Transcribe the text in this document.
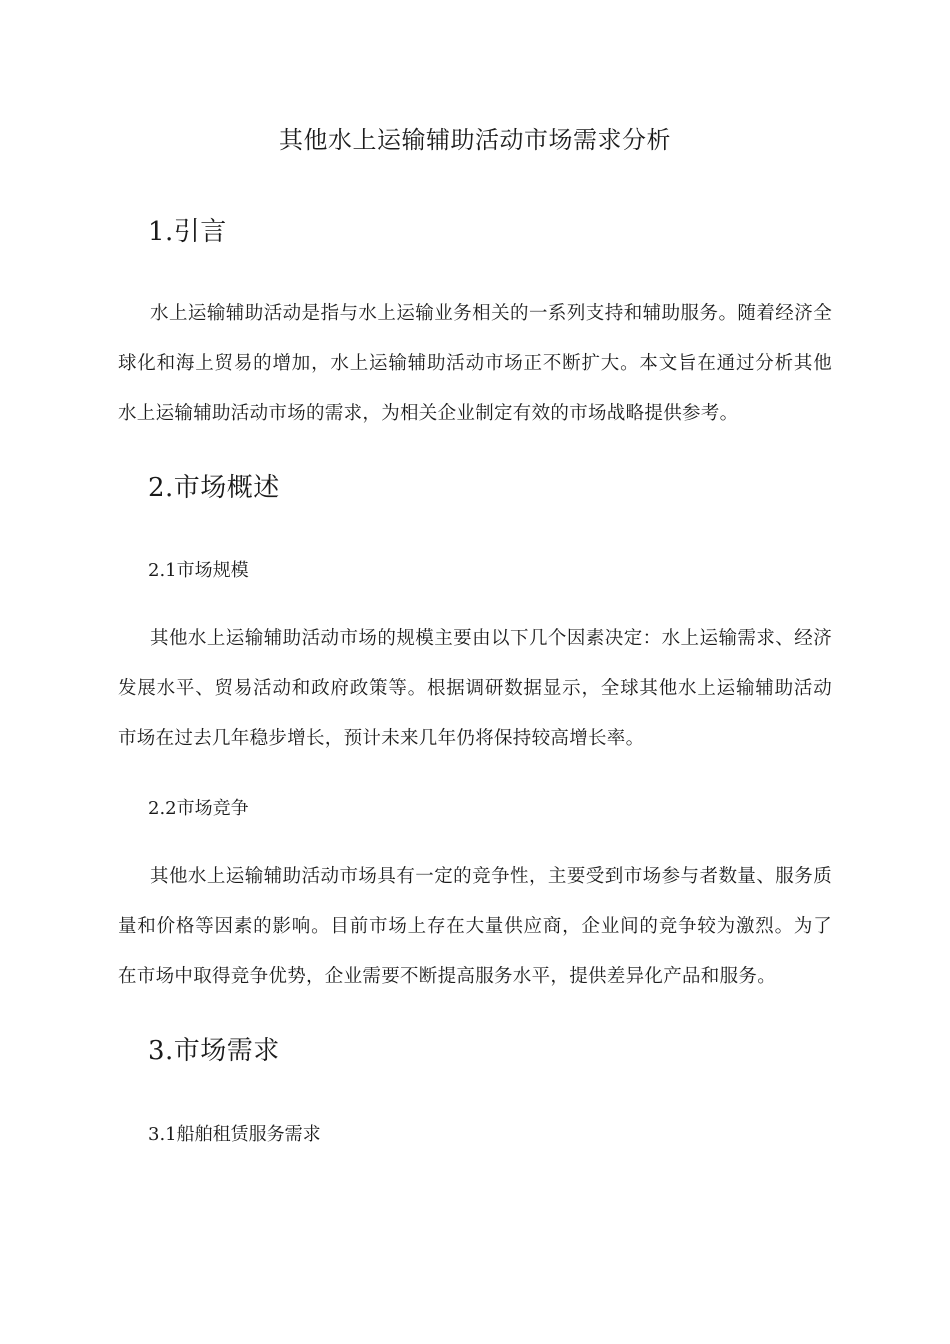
其他水上运输辅助活动市场需求分析
1.引言

水上运输辅助活动是指与水上运输业务相关的一系列支持和辅助服务。随着经济全球化和海上贸易的增加，水上运输辅助活动市场正不断扩大。本文旨在通过分析其他水上运输辅助活动市场的需求，为相关企业制定有效的市场战略提供参考。

2.市场概述
2.1市场规模

其他水上运输辅助活动市场的规模主要由以下几个因素决定：水上运输需求、经济发展水平、贸易活动和政府政策等。根据调研数据显示，全球其他水上运输辅助活动市场在过去几年稳步增长，预计未来几年仍将保持较高增长率。

2.2市场竞争

其他水上运输辅助活动市场具有一定的竞争性，主要受到市场参与者数量、服务质量和价格等因素的影响。目前市场上存在大量供应商，企业间的竞争较为激烈。为了在市场中取得竞争优势，企业需要不断提高服务水平，提供差异化产品和服务。

3.市场需求
3.1船舶租赁服务需求
